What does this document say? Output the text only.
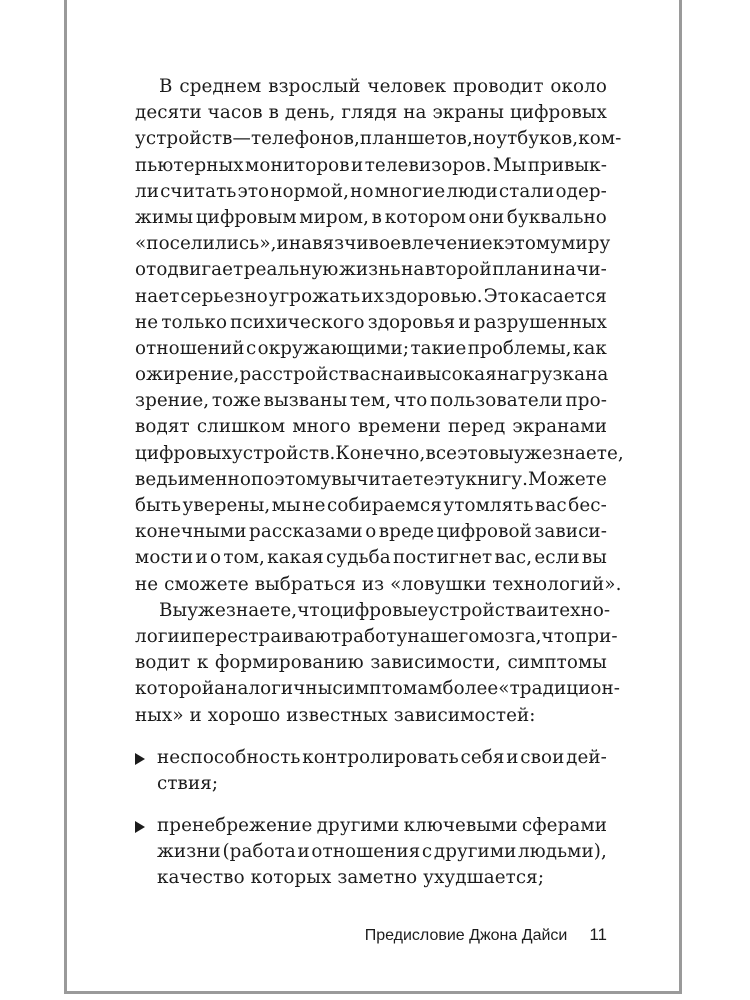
В среднем взрослый человек проводит около
десяти часов в день, глядя на экраны цифровых
устройств — телефонов, планшетов, ноутбуков, ком-
пьютерных мониторов и телевизоров. Мы привык-
ли считать это нормой, но многие люди стали одер-
жимы цифровым миром, в котором они буквально
«поселились», и навязчивое влечение к этому миру
отодвигает реальную жизнь на второй план и начи-
нает серьезно угрожать их здоровью. Это касается
не только психического здоровья и разрушенных
отношений с окружающими; такие проблемы, как
ожирение, расстройства сна и высокая нагрузка на
зрение, тоже вызваны тем, что пользователи про-
водят слишком много времени перед экранами
цифровых устройств. Конечно, все это вы уже знаете,
ведь именно поэтому вы читаете эту книгу. Можете
быть уверены, мы не собираемся утомлять вас бес-
конечными рассказами о вреде цифровой зависи-
мости и о том, какая судьба постигнет вас, если вы
не сможете выбраться из «ловушки технологий».
Вы уже знаете, что цифровые устройства и техно-
логии перестраивают работу нашего мозга, что при-
водит к формированию зависимости, симптомы
которой аналогичны симптомам более «традицион-
ных» и хорошо известных зависимостей:
неспособность контролировать себя и свои дей-
ствия;
пренебрежение другими ключевыми сферами
жизни (работа и отношения с другими людьми),
качество которых заметно ухудшается;
Предисловие Джона Дайси 11
